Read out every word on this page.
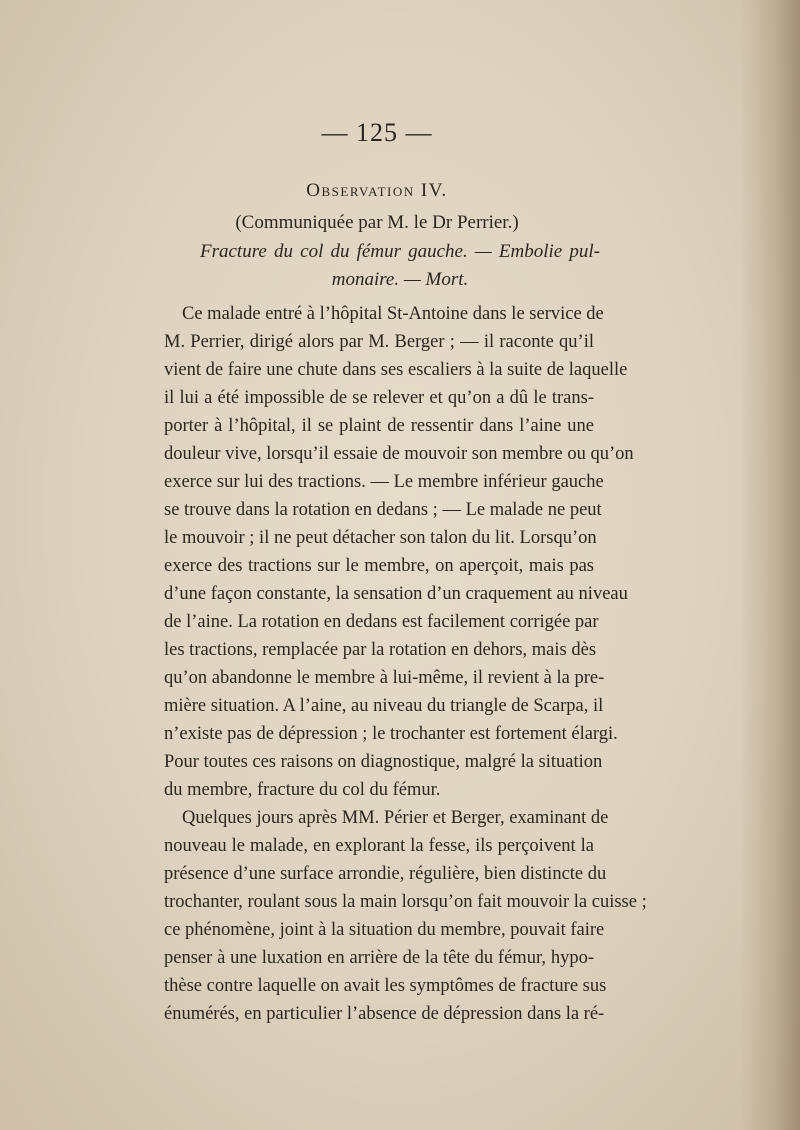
— 125 —
Observation IV.
(Communiquée par M. le Dr Perrier.)
Fracture du col du fémur gauche. — Embolie pul-
monaire. — Mort.
Ce malade entré à l’hôpital St-Antoine dans le service de
M. Perrier, dirigé alors par M. Berger ; — il raconte qu’il
vient de faire une chute dans ses escaliers à la suite de laquelle
il lui a été impossible de se relever et qu’on a dû le trans-
porter à l’hôpital, il se plaint de ressentir dans l’aine une
douleur vive, lorsqu’il essaie de mouvoir son membre ou qu’on
exerce sur lui des tractions. — Le membre inférieur gauche
se trouve dans la rotation en dedans ; — Le malade ne peut
le mouvoir ; il ne peut détacher son talon du lit. Lorsqu’on
exerce des tractions sur le membre, on aperçoit, mais pas
d’une façon constante, la sensation d’un craquement au niveau
de l’aine. La rotation en dedans est facilement corrigée par
les tractions, remplacée par la rotation en dehors, mais dès
qu’on abandonne le membre à lui-même, il revient à la pre-
mière situation. A l’aine, au niveau du triangle de Scarpa, il
n’existe pas de dépression ; le trochanter est fortement élargi.
Pour toutes ces raisons on diagnostique, malgré la situation
du membre, fracture du col du fémur.
Quelques jours après MM. Périer et Berger, examinant de
nouveau le malade, en explorant la fesse, ils perçoivent la
présence d’une surface arrondie, régulière, bien distincte du
trochanter, roulant sous la main lorsqu’on fait mouvoir la cuisse ;
ce phénomène, joint à la situation du membre, pouvait faire
penser à une luxation en arrière de la tête du fémur, hypo-
thèse contre laquelle on avait les symptômes de fracture sus
énumérés, en particulier l’absence de dépression dans la ré-
